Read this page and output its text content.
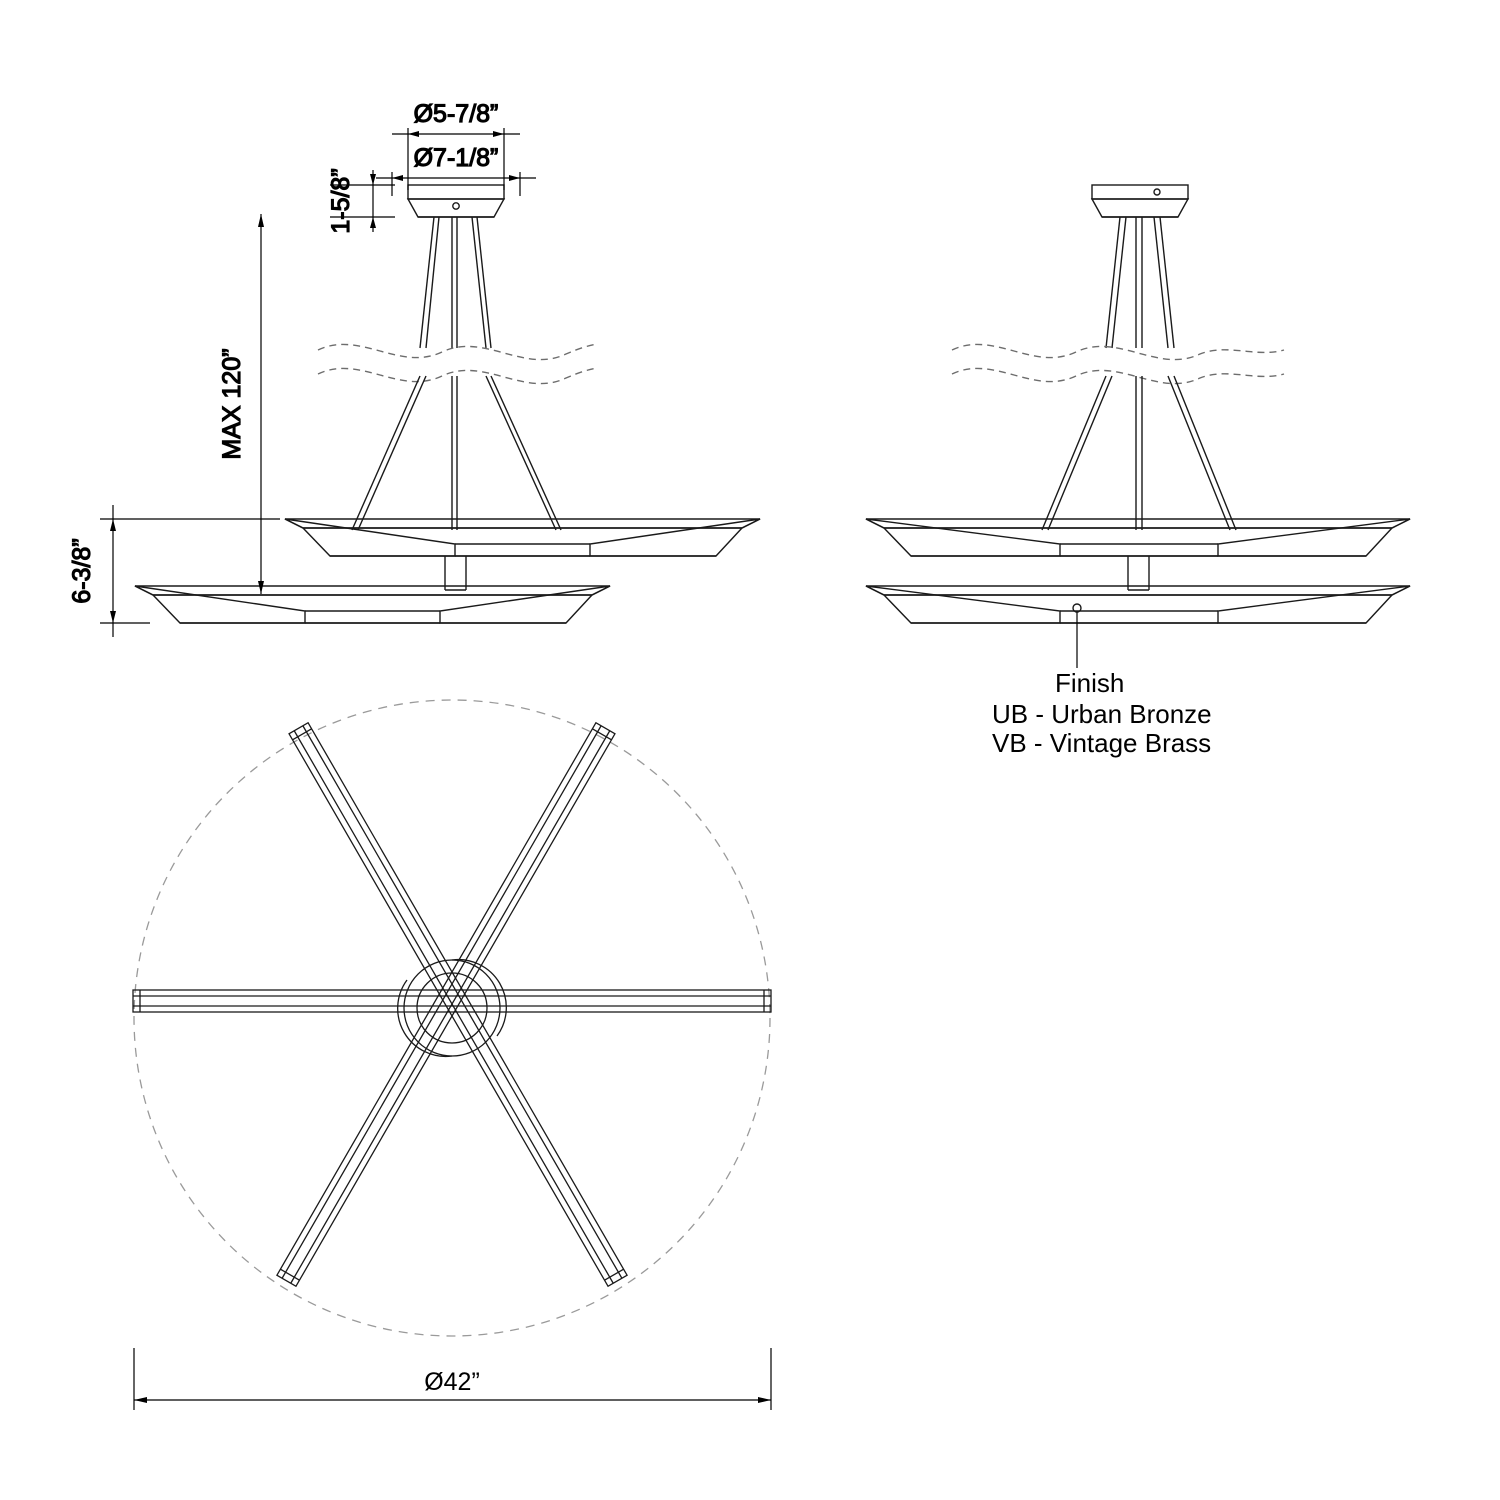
Ø5-7/8”
Ø7-1/8”
1-5/8”
MAX 120”
6-3/8”
Finish
UB - Urban Bronze
VB - Vintage Brass
Ø42”
